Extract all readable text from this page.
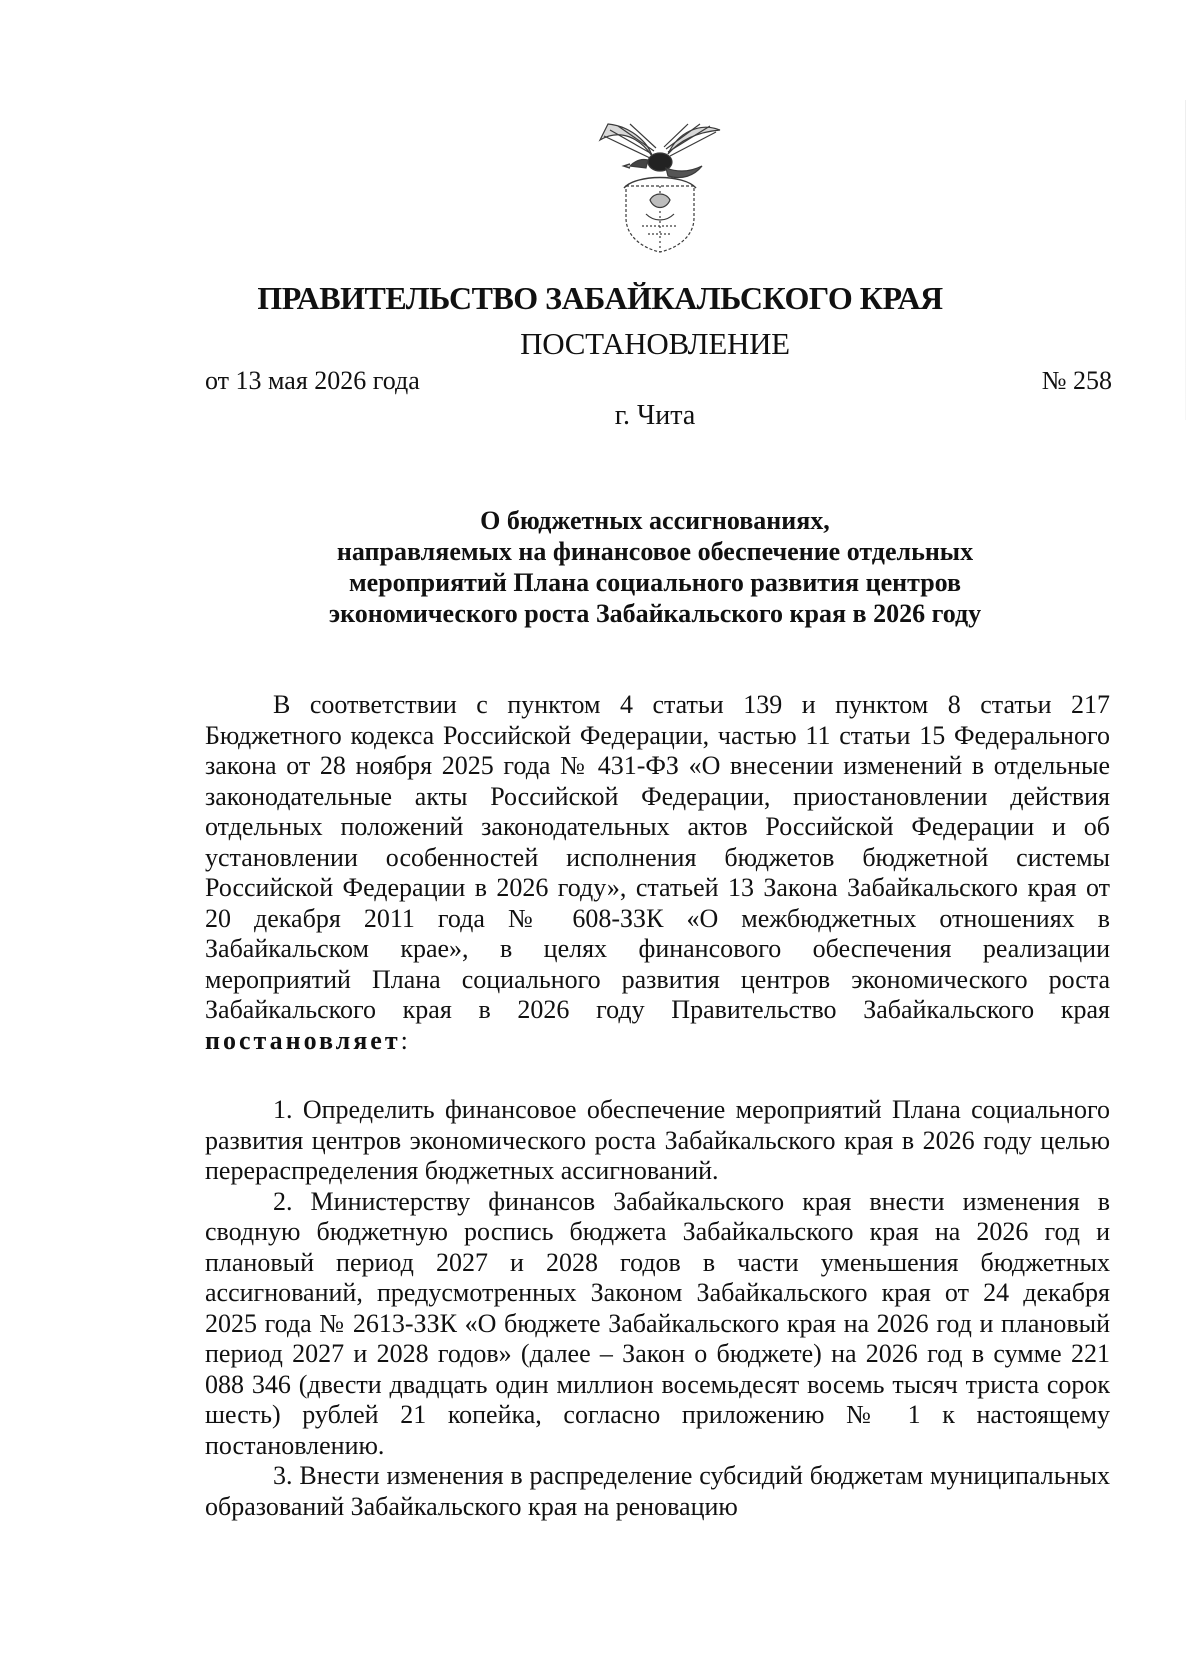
ПРАВИТЕЛЬСТВО ЗАБАЙКАЛЬСКОГО КРАЯ
ПОСТАНОВЛЕНИЕ
от 13 мая 2026 года	№ 258
г. Чита
О бюджетных ассигнованиях,
направляемых на финансовое обеспечение отдельных
мероприятий Плана социального развития центров
экономического роста Забайкальского края в 2026 году

В соответствии с пунктом 4 статьи 139 и пунктом 8 статьи 217 Бюджетного кодекса Российской Федерации, частью 11 статьи 15 Федерального закона от 28 ноября 2025 года № 431-ФЗ «О внесении изменений в отдельные законодательные акты Российской Федерации, приостановлении действия отдельных положений законодательных актов Российской Федерации и об установлении особенностей исполнения бюджетов бюджетной системы Российской Федерации в 2026 году», статьей 13 Закона Забайкальского края от 20 декабря 2011 года № 608-ЗЗК «О межбюджетных отношениях в Забайкальском крае», в целях финансового обеспечения реализации мероприятий Плана социального развития центров экономического роста Забайкальского края в 2026 году Правительство Забайкальского края постановляет:

1. Определить финансовое обеспечение мероприятий Плана социального развития центров экономического роста Забайкальского края в 2026 году целью перераспределения бюджетных ассигнований.

2. Министерству финансов Забайкальского края внести изменения в сводную бюджетную роспись бюджета Забайкальского края на 2026 год и плановый период 2027 и 2028 годов в части уменьшения бюджетных ассигнований, предусмотренных Законом Забайкальского края от 24 декабря 2025 года № 2613-ЗЗК «О бюджете Забайкальского края на 2026 год и плановый период 2027 и 2028 годов» (далее – Закон о бюджете) на 2026 год в сумме 221 088 346 (двести двадцать один миллион восемьдесят восемь тысяч триста сорок шесть) рублей 21 копейка, согласно приложению № 1 к настоящему постановлению.

3. Внести изменения в распределение субсидий бюджетам муниципальных образований Забайкальского края на реновацию
